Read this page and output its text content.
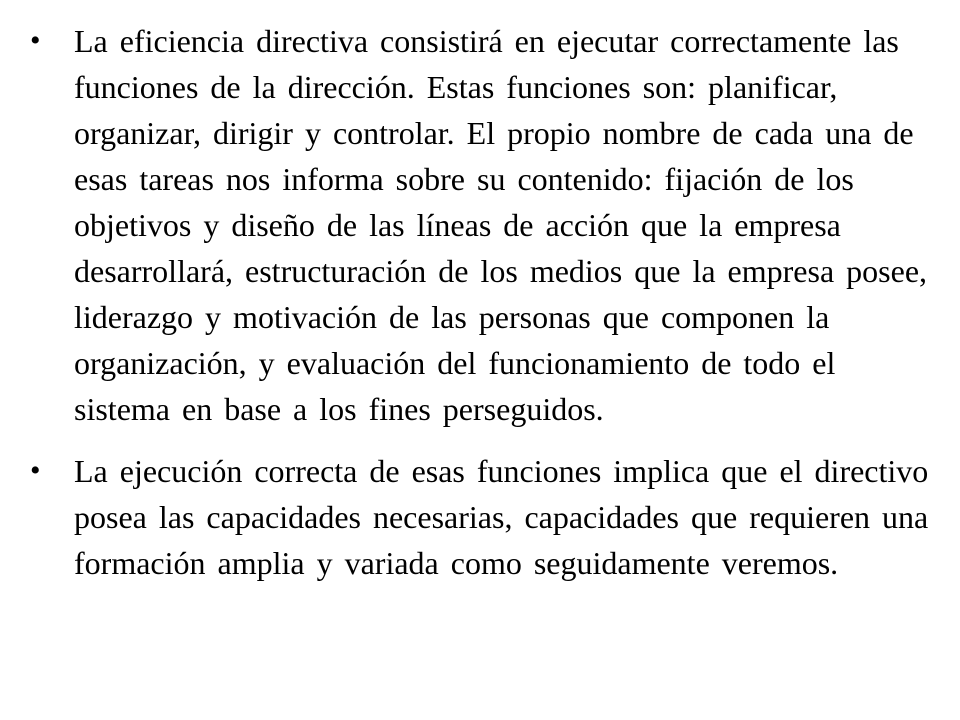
•	La eficiencia directiva consistirá en ejecutar correctamente las funciones de la dirección. Estas funciones son: planificar, organizar, dirigir y controlar. El propio nombre de cada una de esas tareas nos informa sobre su contenido: fijación de los objetivos y diseño de las líneas de acción que la empresa desarrollará, estructuración de los medios que la empresa posee, liderazgo y motivación de las personas que componen la organización, y evaluación del funcionamiento de todo el sistema en base a los fines perseguidos.
•	La ejecución correcta de esas funciones implica que el directivo posea las capacidades necesarias, capacidades que requieren una formación amplia y variada como seguidamente veremos.
